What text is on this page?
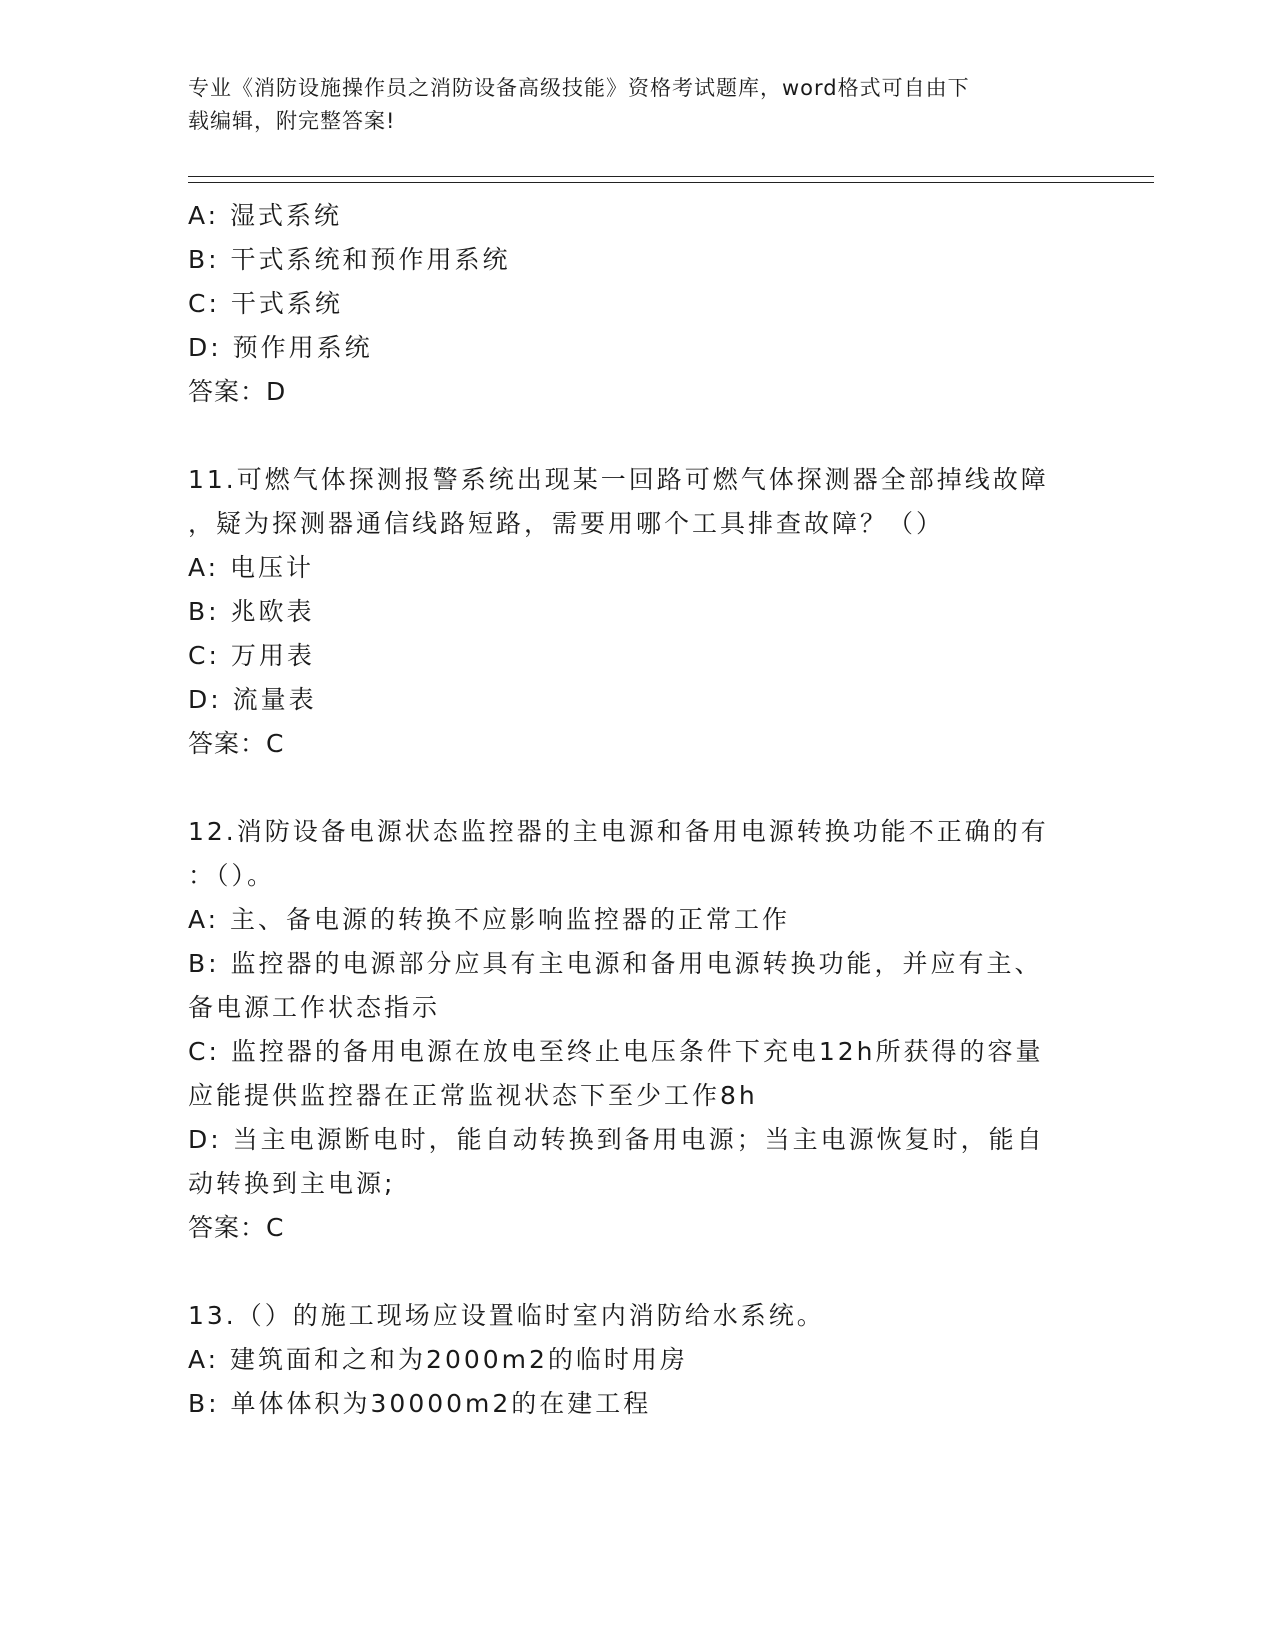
专业《消防设施操作员之消防设备高级技能》资格考试题库，word格式可自由下
载编辑，附完整答案!
A: 湿式系统
B: 干式系统和预作用系统
C: 干式系统
D: 预作用系统
答案：D
11.可燃气体探测报警系统出现某一回路可燃气体探测器全部掉线故障
，疑为探测器通信线路短路，需要用哪个工具排查故障？（）
A: 电压计
B: 兆欧表
C: 万用表
D: 流量表
答案：C
12.消防设备电源状态监控器的主电源和备用电源转换功能不正确的有
：（）。
A: 主、备电源的转换不应影响监控器的正常工作
B: 监控器的电源部分应具有主电源和备用电源转换功能，并应有主、
备电源工作状态指示
C: 监控器的备用电源在放电至终止电压条件下充电12h所获得的容量
应能提供监控器在正常监视状态下至少工作8h
D: 当主电源断电时，能自动转换到备用电源；当主电源恢复时，能自
动转换到主电源;
答案：C
13.（）的施工现场应设置临时室内消防给水系统。
A: 建筑面和之和为2000m2的临时用房
B: 单体体积为30000m2的在建工程
